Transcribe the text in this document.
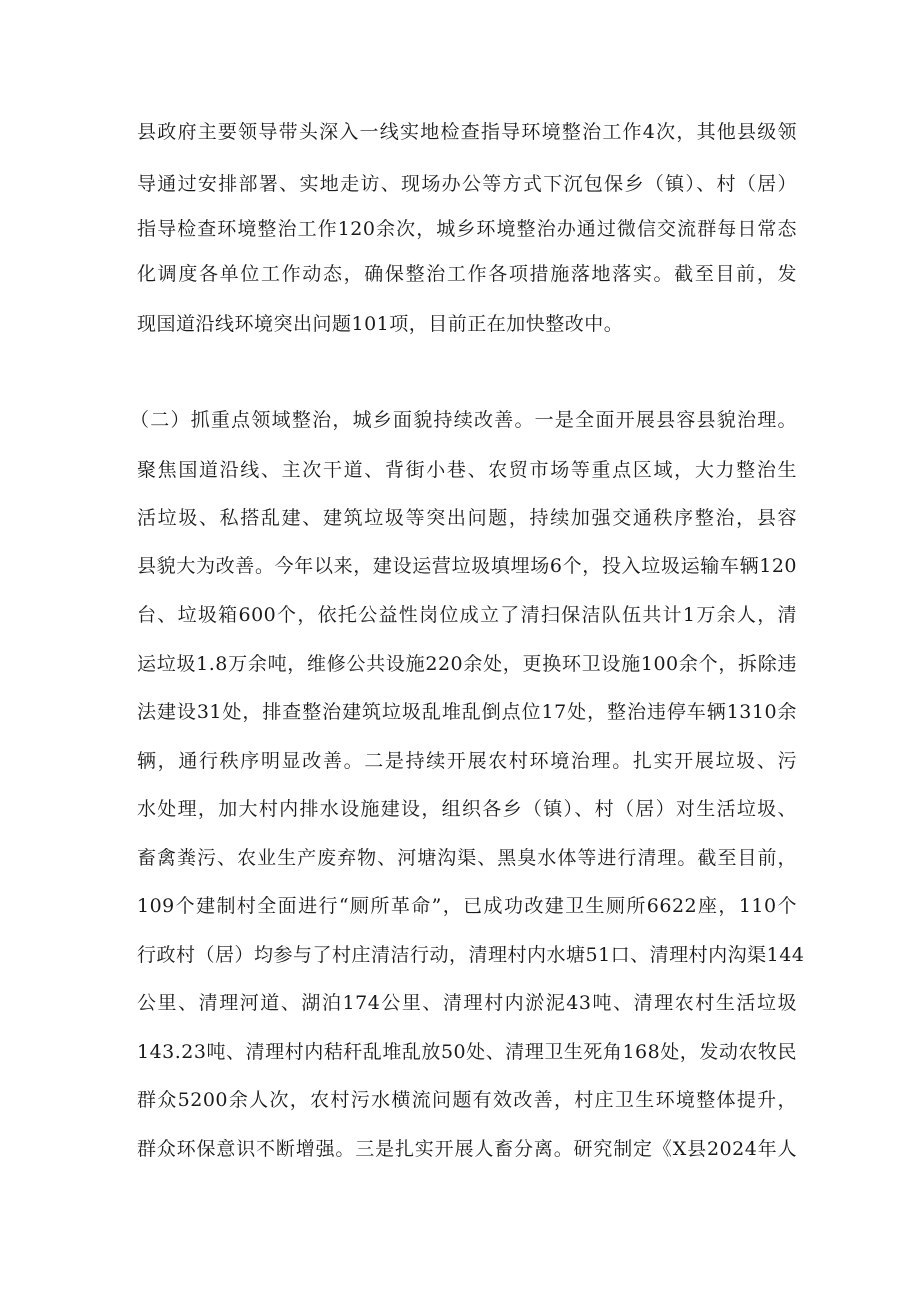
县政府主要领导带头深入一线实地检查指导环境整治工作4次，其他县级领

导通过安排部署、实地走访、现场办公等方式下沉包保乡（镇）、村（居）

指导检查环境整治工作120余次，城乡环境整治办通过微信交流群每日常态

化调度各单位工作动态，确保整治工作各项措施落地落实。截至目前，发

现国道沿线环境突出问题101项，目前正在加快整改中。

（二）抓重点领域整治，城乡面貌持续改善。一是全面开展县容县貌治理。

聚焦国道沿线、主次干道、背街小巷、农贸市场等重点区域，大力整治生

活垃圾、私搭乱建、建筑垃圾等突出问题，持续加强交通秩序整治，县容

县貌大为改善。今年以来，建设运营垃圾填埋场6个，投入垃圾运输车辆120

台、垃圾箱600个，依托公益性岗位成立了清扫保洁队伍共计1万余人，清

运垃圾1.8万余吨，维修公共设施220余处，更换环卫设施100余个，拆除违

法建设31处，排查整治建筑垃圾乱堆乱倒点位17处，整治违停车辆1310余

辆，通行秩序明显改善。二是持续开展农村环境治理。扎实开展垃圾、污

水处理，加大村内排水设施建设，组织各乡（镇）、村（居）对生活垃圾、

畜禽粪污、农业生产废弃物、河塘沟渠、黑臭水体等进行清理。截至目前，

109个建制村全面进行“厕所革命”，已成功改建卫生厕所6622座，110个

行政村（居）均参与了村庄清洁行动，清理村内水塘51口、清理村内沟渠144

公里、清理河道、湖泊174公里、清理村内淤泥43吨、清理农村生活垃圾

143.23吨、清理村内秸秆乱堆乱放50处、清理卫生死角168处，发动农牧民

群众5200余人次，农村污水横流问题有效改善，村庄卫生环境整体提升，

群众环保意识不断增强。三是扎实开展人畜分离。研究制定《X县2024年人
